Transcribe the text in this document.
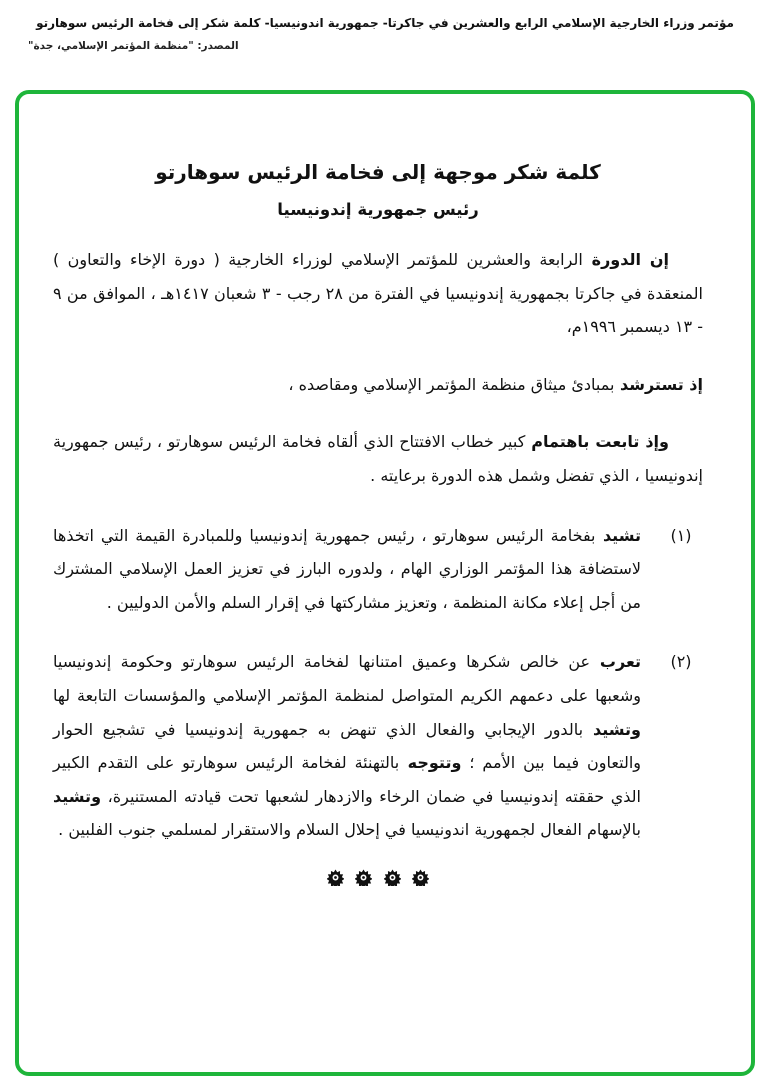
مؤتمر وزراء الخارجية الإسلامي الرابع والعشرين في جاكرتا- جمهورية اندونيسيا- كلمة شكر إلى فخامة الرئيس سوهارتو
المصدر: "منظمة المؤتمر الإسلامي، جدة"
كلمة شكر موجهة إلى فخامة الرئيس سوهارتو
رئيس جمهورية إندونيسيا

إن الدورة الرابعة والعشرين للمؤتمر الإسلامي لوزراء الخارجية ( دورة الإخاء والتعاون ) المنعقدة في جاكرتا بجمهورية إندونيسيا في الفترة من ٢٨ رجب - ٣ شعبان ١٤١٧هـ ، الموافق من ٩ - ١٣ ديسمبر ١٩٩٦م،

إذ تسترشد بمبادئ ميثاق منظمة المؤتمر الإسلامي ومقاصده ،

وإذ تابعت باهتمام كبير خطاب الافتتاح الذي ألقاه فخامة الرئيس سوهارتو ، رئيس جمهورية إندونيسيا ، الذي تفضل وشمل هذه الدورة برعايته .

(١)

تشيد بفخامة الرئيس سوهارتو ، رئيس جمهورية إندونيسيا وللمبادرة القيمة التي اتخذها لاستضافة هذا المؤتمر الوزاري الهام ، ولدوره البارز في تعزيز العمل الإسلامي المشترك من أجل إعلاء مكانة المنظمة ، وتعزيز مشاركتها في إقرار السلم والأمن الدوليين .

(٢)

تعرب عن خالص شكرها وعميق امتنانها لفخامة الرئيس سوهارتو وحكومة إندونيسيا وشعبها على دعمهم الكريم المتواصل لمنظمة المؤتمر الإسلامي والمؤسسات التابعة لها وتشيد بالدور الإيجابي والفعال الذي تنهض به جمهورية إندونيسيا في تشجيع الحوار والتعاون فيما بين الأمم ؛ وتتوجه بالتهنئة لفخامة الرئيس سوهارتو على التقدم الكبير الذي حققته إندونيسيا في ضمان الرخاء والازدهار لشعبها تحت قيادته المستنيرة، وتشيد بالإسهام الفعال لجمهورية اندونيسيا في إحلال السلام والاستقرار لمسلمي جنوب الفلبين .
